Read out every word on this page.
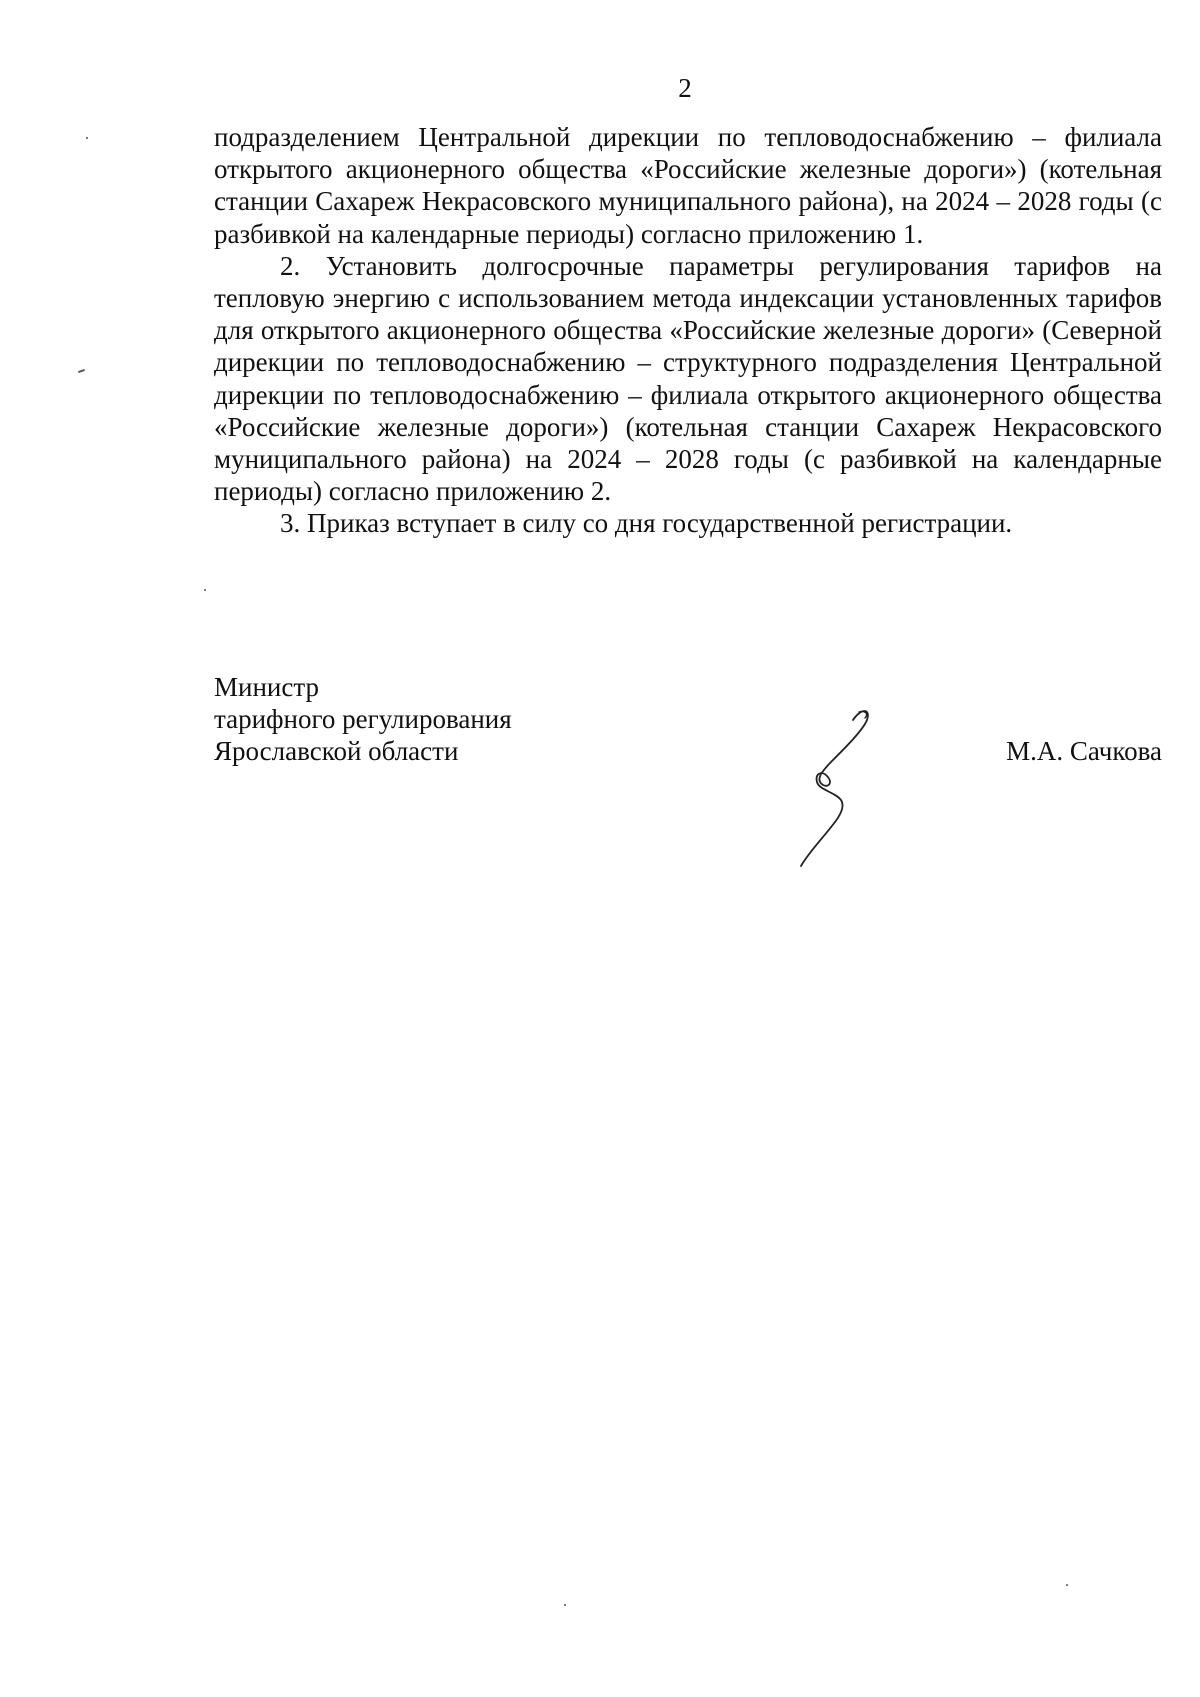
2

подразделением Центральной дирекции по тепловодоснабжению – филиала открытого акционерного общества «Российские железные дороги») (котельная станции Сахареж Некрасовского муниципального района), на 2024 – 2028 годы (с разбивкой на календарные периоды) согласно приложению 1.

2. Установить долгосрочные параметры регулирования тарифов на тепловую энергию с использованием метода индексации установленных тарифов для открытого акционерного общества «Российские железные дороги» (Северной дирекции по тепловодоснабжению – структурного подразделения Центральной дирекции по тепловодоснабжению – филиала открытого акционерного общества «Российские железные дороги») (котельная станции Сахареж Некрасовского муниципального района) на 2024 – 2028 годы (с разбивкой на календарные периоды) согласно приложению 2.

3. Приказ вступает в силу со дня государственной регистрации.

Министр
тарифного регулирования
Ярославской области	М.А. Сачкова
